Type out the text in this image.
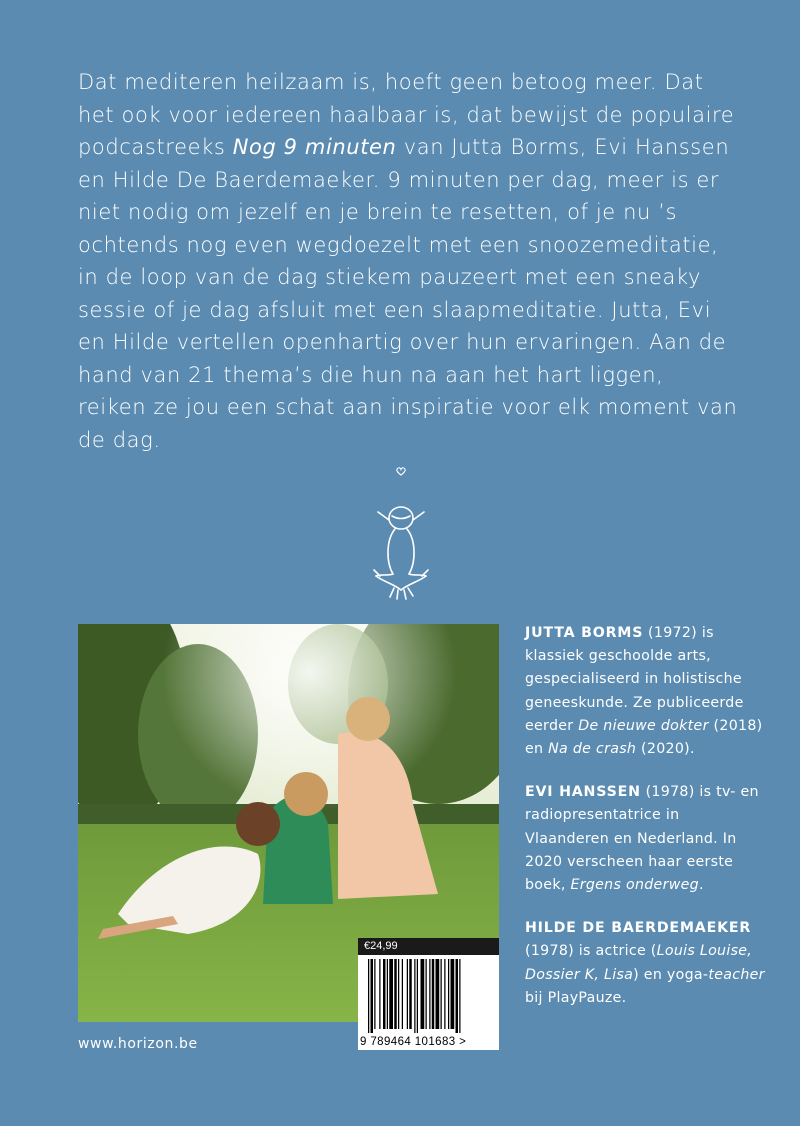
Dat mediteren heilzaam is, hoeft geen betoog meer. Dat het ook voor iedereen haalbaar is, dat bewijst de populaire podcastreeks Nog 9 minuten van Jutta Borms, Evi Hanssen en Hilde De Baerdemaeker. 9 minuten per dag, meer is er niet nodig om jezelf en je brein te resetten, of je nu ’s ochtends nog even wegdoezelt met een snoozemeditatie, in de loop van de dag stiekem pauzeert met een sneaky sessie of je dag afsluit met een slaapmeditatie. Jutta, Evi en Hilde vertellen openhartig over hun ervaringen. Aan de hand van 21 thema’s die hun na aan het hart liggen, reiken ze jou een schat aan inspiratie voor elk moment van de dag.

JUTTA BORMS (1972) is klassiek geschoolde arts, gespecialiseerd in holistische geneeskunde. Ze publiceerde eerder De nieuwe dokter (2018) en Na de crash (2020).

EVI HANSSEN (1978) is tv- en radiopresentatrice in Vlaanderen en Nederland. In 2020 verscheen haar eerste boek, Ergens onderweg.

HILDE DE BAERDEMAEKER (1978) is actrice (Louis Louise, Dossier K, Lisa) en yoga-teacher bij PlayPauze.

www.horizon.be
€24,99
9 789464 101683 >
